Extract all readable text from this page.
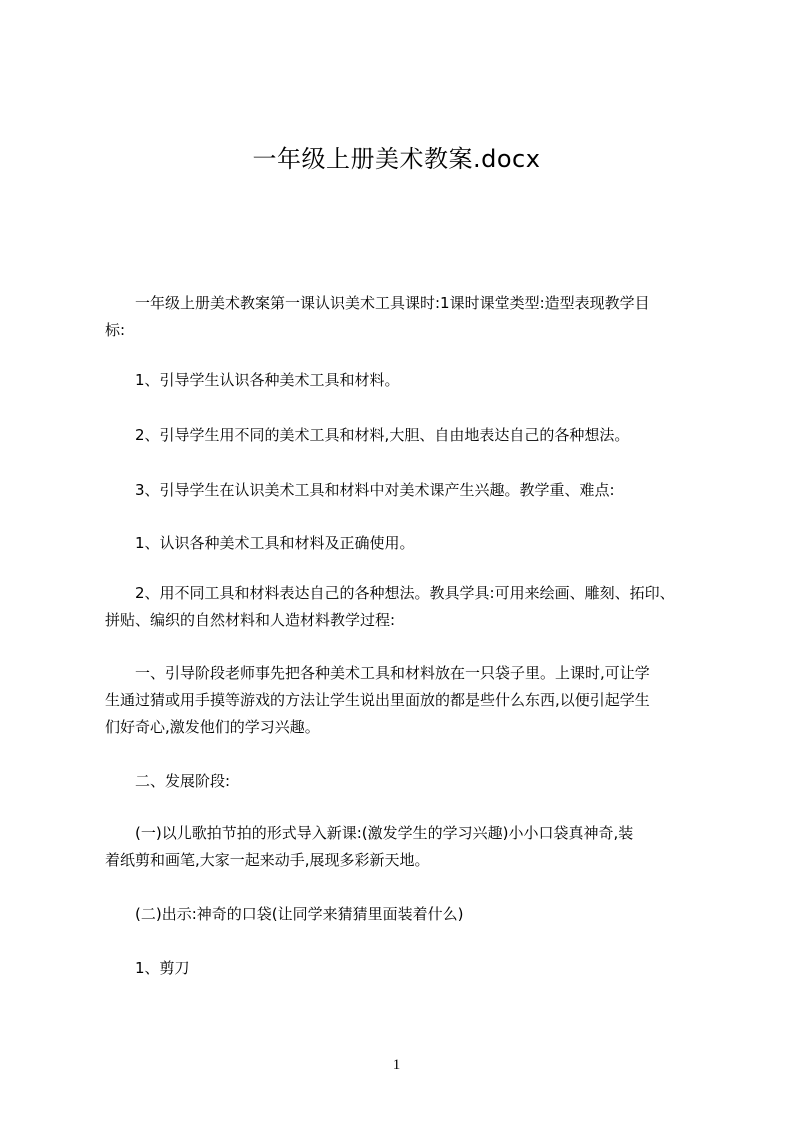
一年级上册美术教案.docx

　　一年级上册美术教案第一课认识美术工具课时:1课时课堂类型:造型表现教学目
标:

　　1、引导学生认识各种美术工具和材料。

　　2、引导学生用不同的美术工具和材料,大胆、自由地表达自己的各种想法。

　　3、引导学生在认识美术工具和材料中对美术课产生兴趣。教学重、难点:

　　1、认识各种美术工具和材料及正确使用。

　　2、用不同工具和材料表达自己的各种想法。教具学具:可用来绘画、雕刻、拓印、
拼贴、编织的自然材料和人造材料教学过程:

　　一、引导阶段老师事先把各种美术工具和材料放在一只袋子里。上课时,可让学
生通过猜或用手摸等游戏的方法让学生说出里面放的都是些什么东西,以便引起学生
们好奇心,激发他们的学习兴趣。

　　二、发展阶段:

　　(一)以儿歌拍节拍的形式导入新课:(激发学生的学习兴趣)小小口袋真神奇,装
着纸剪和画笔,大家一起来动手,展现多彩新天地。

　　(二)出示:神奇的口袋(让同学来猜猜里面装着什么)

　　1、剪刀

1
